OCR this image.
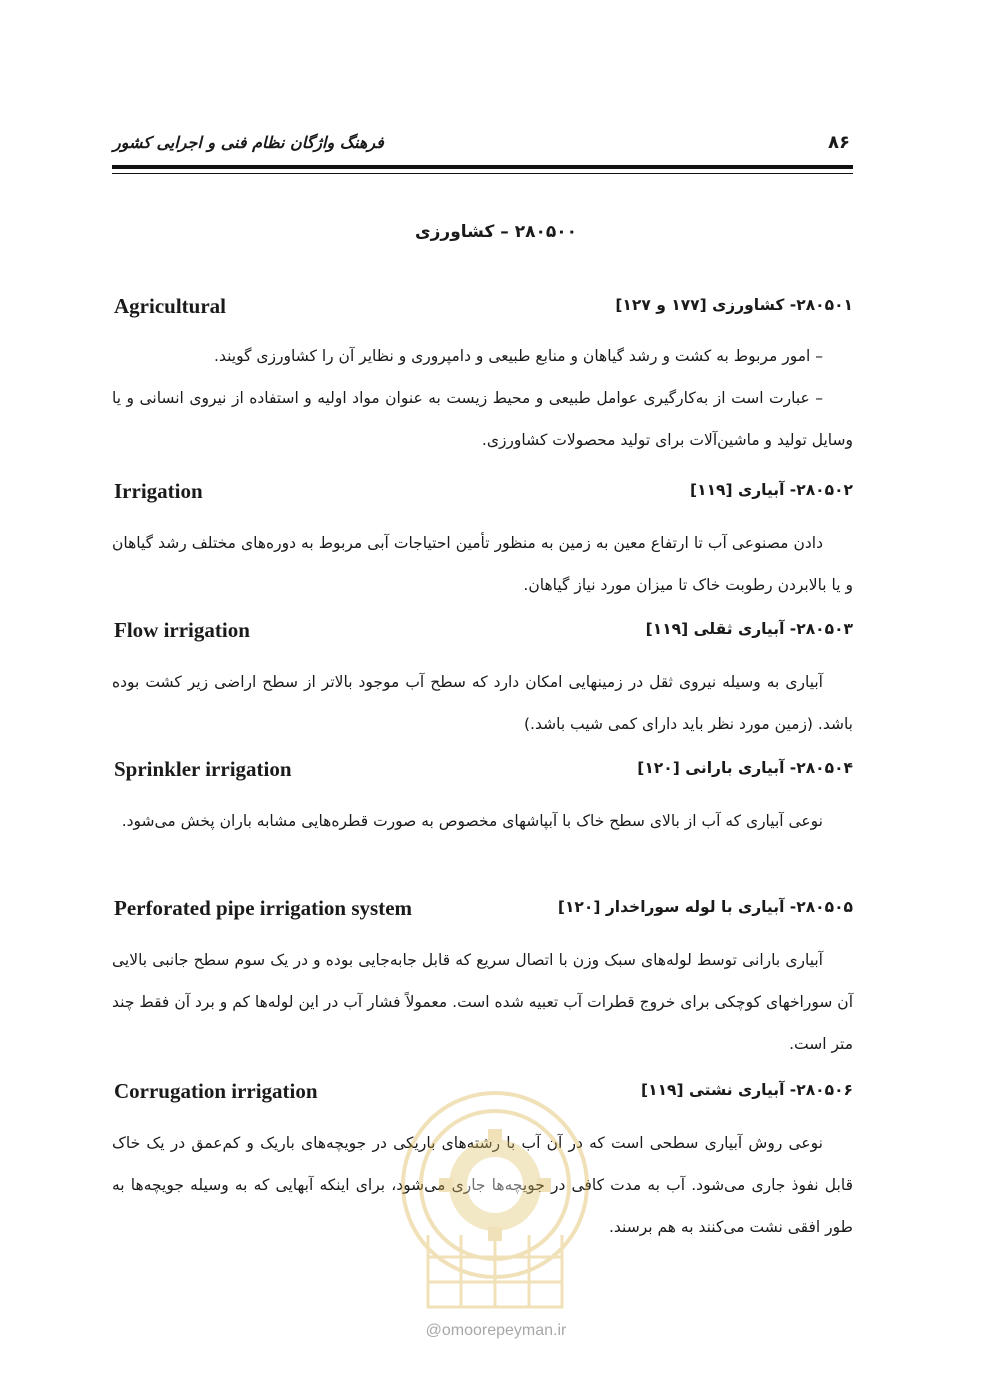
۸۶
فرهنگ واژگان نظام فنی و اجرایی کشور
۲۸۰۵۰۰ – کشاورزی
۲۸۰۵۰۱- کشاورزی [۱۷۷ و ۱۲۷]
Agricultural

– امور مربوط به کشت و رشد گیاهان و منابع طبیعی و دامپروری و نظایر آن را کشاورزی گویند.

– عبارت است از به‌کارگیری عوامل طبیعی و محیط زیست به عنوان مواد اولیه و استفاده از نیروی انسانی و یا وسایل تولید و ماشین‌آلات برای تولید محصولات کشاورزی.

۲۸۰۵۰۲- آبیاری [۱۱۹]
Irrigation

دادن مصنوعی آب تا ارتفاع معین به زمین به منظور تأمین احتیاجات آبی مربوط به دوره‌های مختلف رشد گیاهان و یا بالابردن رطوبت خاک تا میزان مورد نیاز گیاهان.

۲۸۰۵۰۳- آبیاری ثقلی [۱۱۹]
Flow irrigation

آبیاری به وسیله نیروی ثقل در زمینهایی امکان دارد که سطح آب موجود بالاتر از سطح اراضی زیر کشت بوده باشد. (زمین مورد نظر باید دارای کمی شیب باشد.)

۲۸۰۵۰۴- آبیاری بارانی [۱۲۰]
Sprinkler irrigation

نوعی آبیاری که آب از بالای سطح خاک با آبپاشهای مخصوص به صورت قطره‌هایی مشابه باران پخش می‌شود.

۲۸۰۵۰۵- آبیاری با لوله سوراخدار [۱۲۰]
Perforated pipe irrigation system

آبیاری بارانی توسط لوله‌های سبک وزن با اتصال سریع که قابل جابه‌جایی بوده و در یک سوم سطح جانبی بالایی آن سوراخهای کوچکی برای خروج قطرات آب تعبیه شده است. معمولاً فشار آب در این لوله‌ها کم و برد آن فقط چند متر است.

۲۸۰۵۰۶- آبیاری نشتی [۱۱۹]
Corrugation irrigation

نوعی روش آبیاری سطحی است که در آن آب با رشته‌های باریکی در جویچه‌های باریک و کم‌عمق در یک خاک قابل نفوذ جاری می‌شود. آب به مدت کافی در جویچه‌ها جاری می‌شود، برای اینکه آبهایی که به وسیله جویچه‌ها به طور افقی نشت می‌کنند به هم برسند.

@omoorepeyman.ir
